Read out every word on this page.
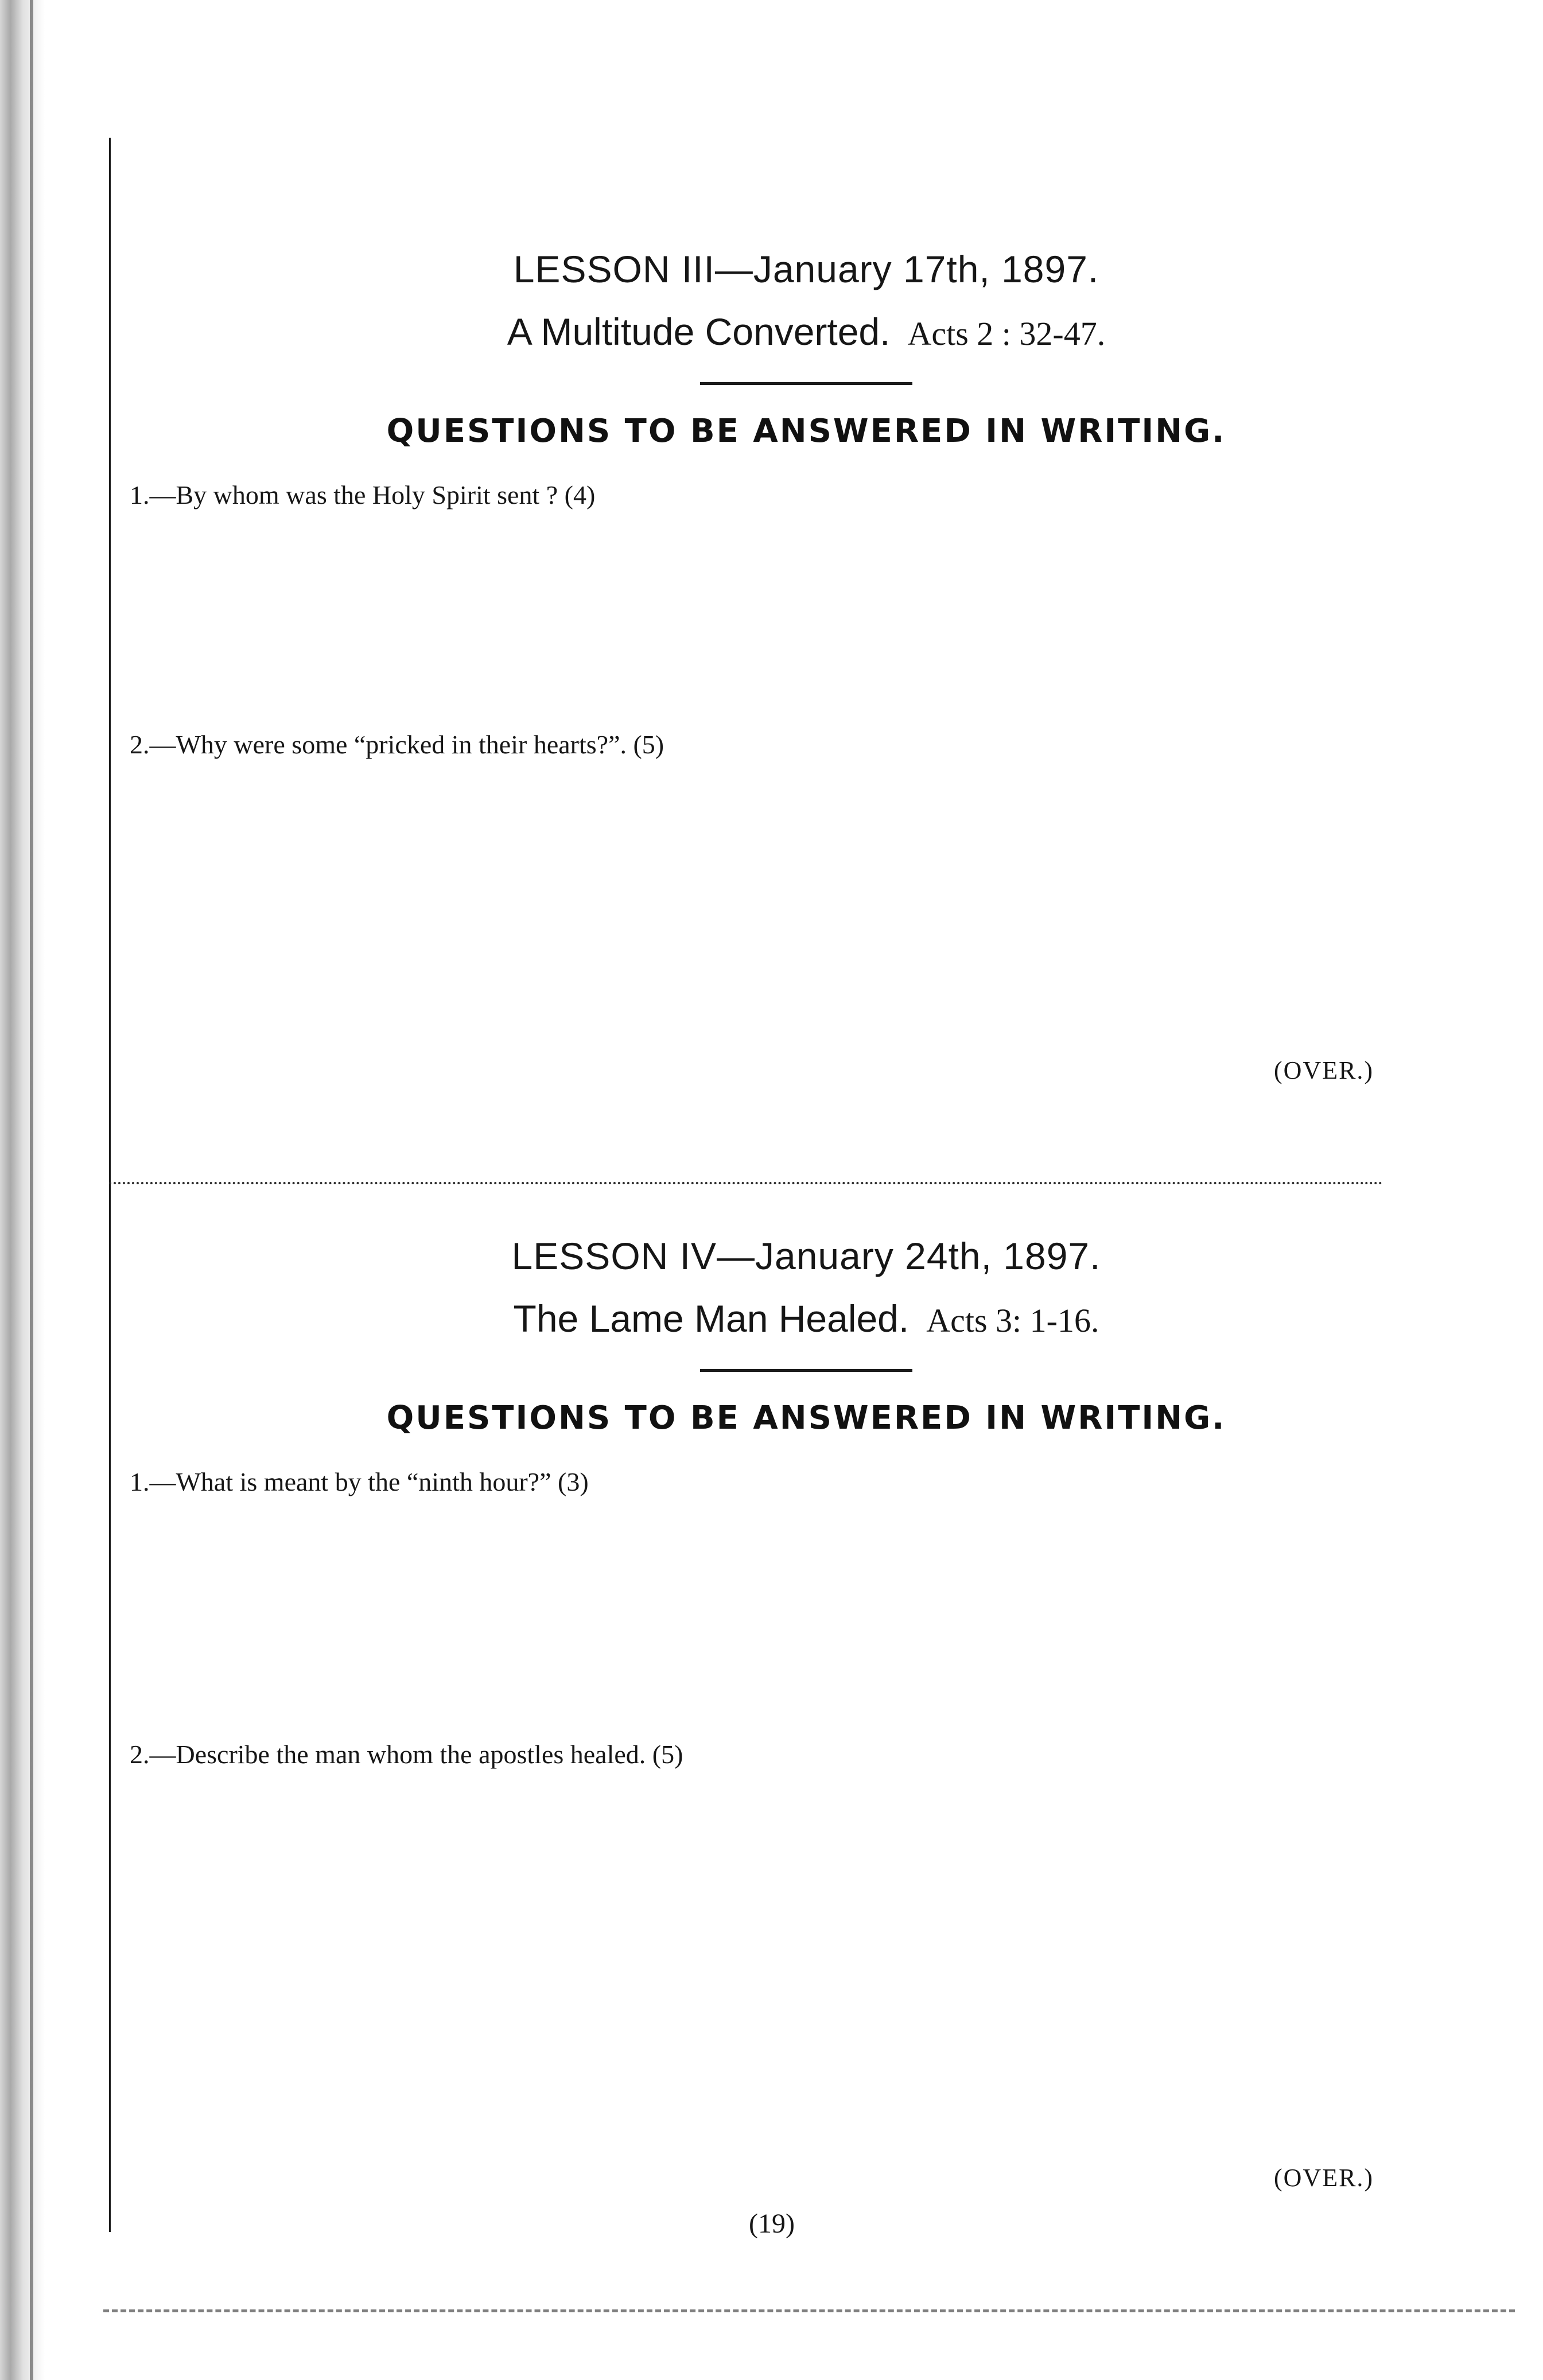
LESSON III—January 17th, 1897.
A Multitude Converted. Acts 2 : 32-47.
QUESTIONS TO BE ANSWERED IN WRITING.
1.—By whom was the Holy Spirit sent ? (4)
2.—Why were some “pricked in their hearts?”. (5)
(OVER.)
LESSON IV—January 24th, 1897.
The Lame Man Healed. Acts 3: 1-16.
QUESTIONS TO BE ANSWERED IN WRITING.
1.—What is meant by the “ninth hour?” (3)
2.—Describe the man whom the apostles healed. (5)
(OVER.)
(19)
